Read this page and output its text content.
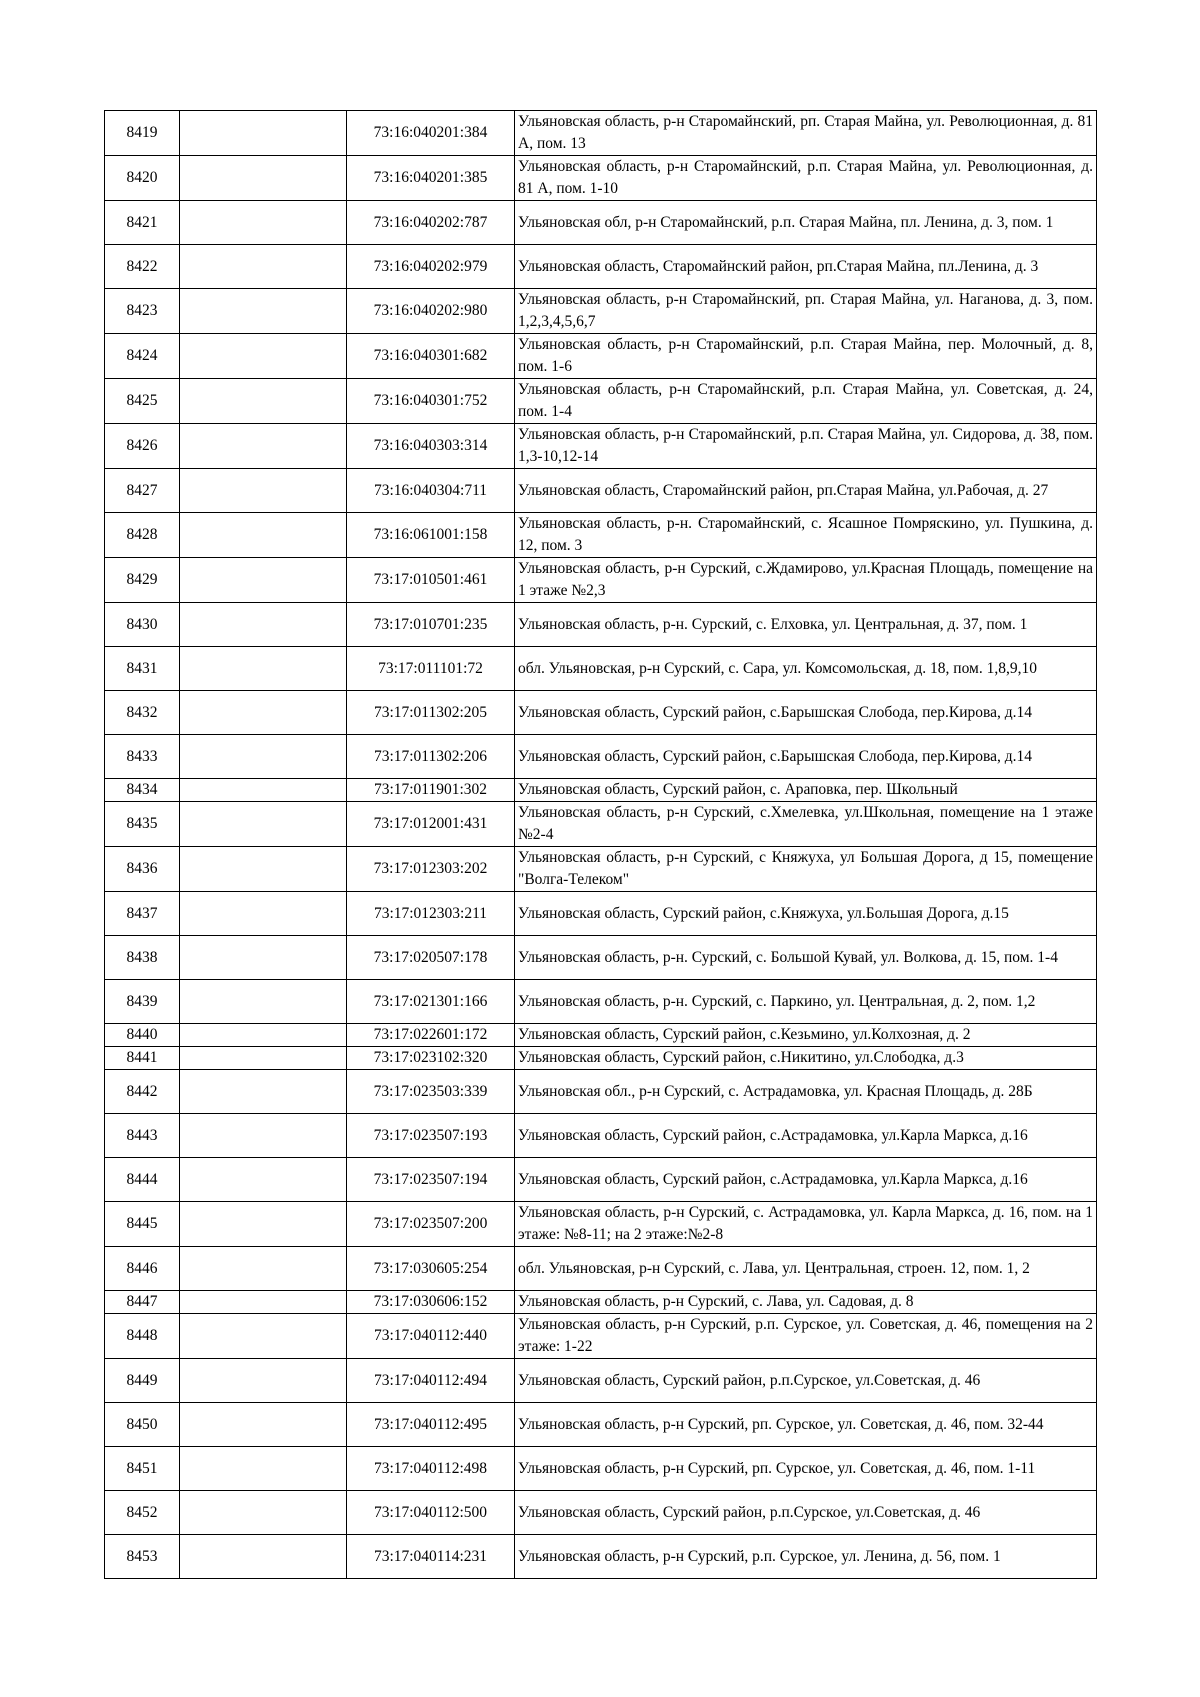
8419		73:16:040201:384	Ульяновская область, р-н Старомайнский, рп. Старая Майна, ул. Революционная, д. 81 А, пом. 13
8420		73:16:040201:385	Ульяновская область, р-н Старомайнский, р.п. Старая Майна, ул. Революционная, д. 81 А, пом. 1-10
8421		73:16:040202:787	Ульяновская обл, р-н Старомайнский, р.п. Старая Майна, пл. Ленина, д. 3, пом. 1
8422		73:16:040202:979	Ульяновская область, Старомайнский район, рп.Старая Майна, пл.Ленина, д. 3
8423		73:16:040202:980	Ульяновская область, р-н Старомайнский, рп. Старая Майна, ул. Наганова, д. 3, пом. 1,2,3,4,5,6,7
8424		73:16:040301:682	Ульяновская область, р-н Старомайнский, р.п. Старая Майна, пер. Молочный, д. 8, пом. 1-6
8425		73:16:040301:752	Ульяновская область, р-н Старомайнский, р.п. Старая Майна, ул. Советская, д. 24, пом. 1-4
8426		73:16:040303:314	Ульяновская область, р-н Старомайнский, р.п. Старая Майна, ул. Сидорова, д. 38, пом. 1,3-10,12-14
8427		73:16:040304:711	Ульяновская область, Старомайнский район, рп.Старая Майна, ул.Рабочая, д. 27
8428		73:16:061001:158	Ульяновская область, р-н. Старомайнский, с. Ясашное Помряскино, ул. Пушкина, д. 12, пом. 3
8429		73:17:010501:461	Ульяновская область, р-н Сурский, с.Ждамирово, ул.Красная Площадь, помещение на 1 этаже №2,3
8430		73:17:010701:235	Ульяновская область, р-н. Сурский, с. Елховка, ул. Центральная, д. 37, пом. 1
8431		73:17:011101:72	обл. Ульяновская, р-н Сурский, с. Сара, ул. Комсомольская, д. 18, пом. 1,8,9,10
8432		73:17:011302:205	Ульяновская область, Сурский район, с.Барышская Слобода, пер.Кирова, д.14
8433		73:17:011302:206	Ульяновская область, Сурский район, с.Барышская Слобода, пер.Кирова, д.14
8434		73:17:011901:302	Ульяновская область, Сурский район, с. Араповка, пер. Школьный
8435		73:17:012001:431	Ульяновская область, р-н Сурский, с.Хмелевка, ул.Школьная, помещение на 1 этаже №2-4
8436		73:17:012303:202	Ульяновская область, р-н Сурский, с Княжуха, ул Большая Дорога, д 15, помещение "Волга-Телеком"
8437		73:17:012303:211	Ульяновская область, Сурский район, с.Княжуха, ул.Большая Дорога, д.15
8438		73:17:020507:178	Ульяновская область, р-н. Сурский, с. Большой Кувай, ул. Волкова, д. 15, пом. 1-4
8439		73:17:021301:166	Ульяновская область, р-н. Сурский, с. Паркино, ул. Центральная, д. 2, пом. 1,2
8440		73:17:022601:172	Ульяновская область, Сурский район, с.Кезьмино, ул.Колхозная, д. 2
8441		73:17:023102:320	Ульяновская область, Сурский район, с.Никитино, ул.Слободка, д.3
8442		73:17:023503:339	Ульяновская обл., р-н Сурский, с. Астрадамовка, ул. Красная Площадь, д. 28Б
8443		73:17:023507:193	Ульяновская область, Сурский район, с.Астрадамовка, ул.Карла Маркса, д.16
8444		73:17:023507:194	Ульяновская область, Сурский район, с.Астрадамовка, ул.Карла Маркса, д.16
8445		73:17:023507:200	Ульяновская область, р-н Сурский, с. Астрадамовка, ул. Карла Маркса, д. 16, пом. на 1 этаже: №8-11; на 2 этаже:№2-8
8446		73:17:030605:254	обл. Ульяновская, р-н Сурский, с. Лава, ул. Центральная, строен. 12, пом. 1, 2
8447		73:17:030606:152	Ульяновская область, р-н Сурский, с. Лава, ул. Садовая, д. 8
8448		73:17:040112:440	Ульяновская область, р-н Сурский, р.п. Сурское, ул. Советская, д. 46, помещения на 2 этаже: 1-22
8449		73:17:040112:494	Ульяновская область, Сурский район, р.п.Сурское, ул.Советская, д. 46
8450		73:17:040112:495	Ульяновская область, р-н Сурский, рп. Сурское, ул. Советская, д. 46, пом. 32-44
8451		73:17:040112:498	Ульяновская область, р-н Сурский, рп. Сурское, ул. Советская, д. 46, пом. 1-11
8452		73:17:040112:500	Ульяновская область, Сурский район, р.п.Сурское, ул.Советская, д. 46
8453		73:17:040114:231	Ульяновская область, р-н Сурский, р.п. Сурское, ул. Ленина, д. 56, пом. 1
